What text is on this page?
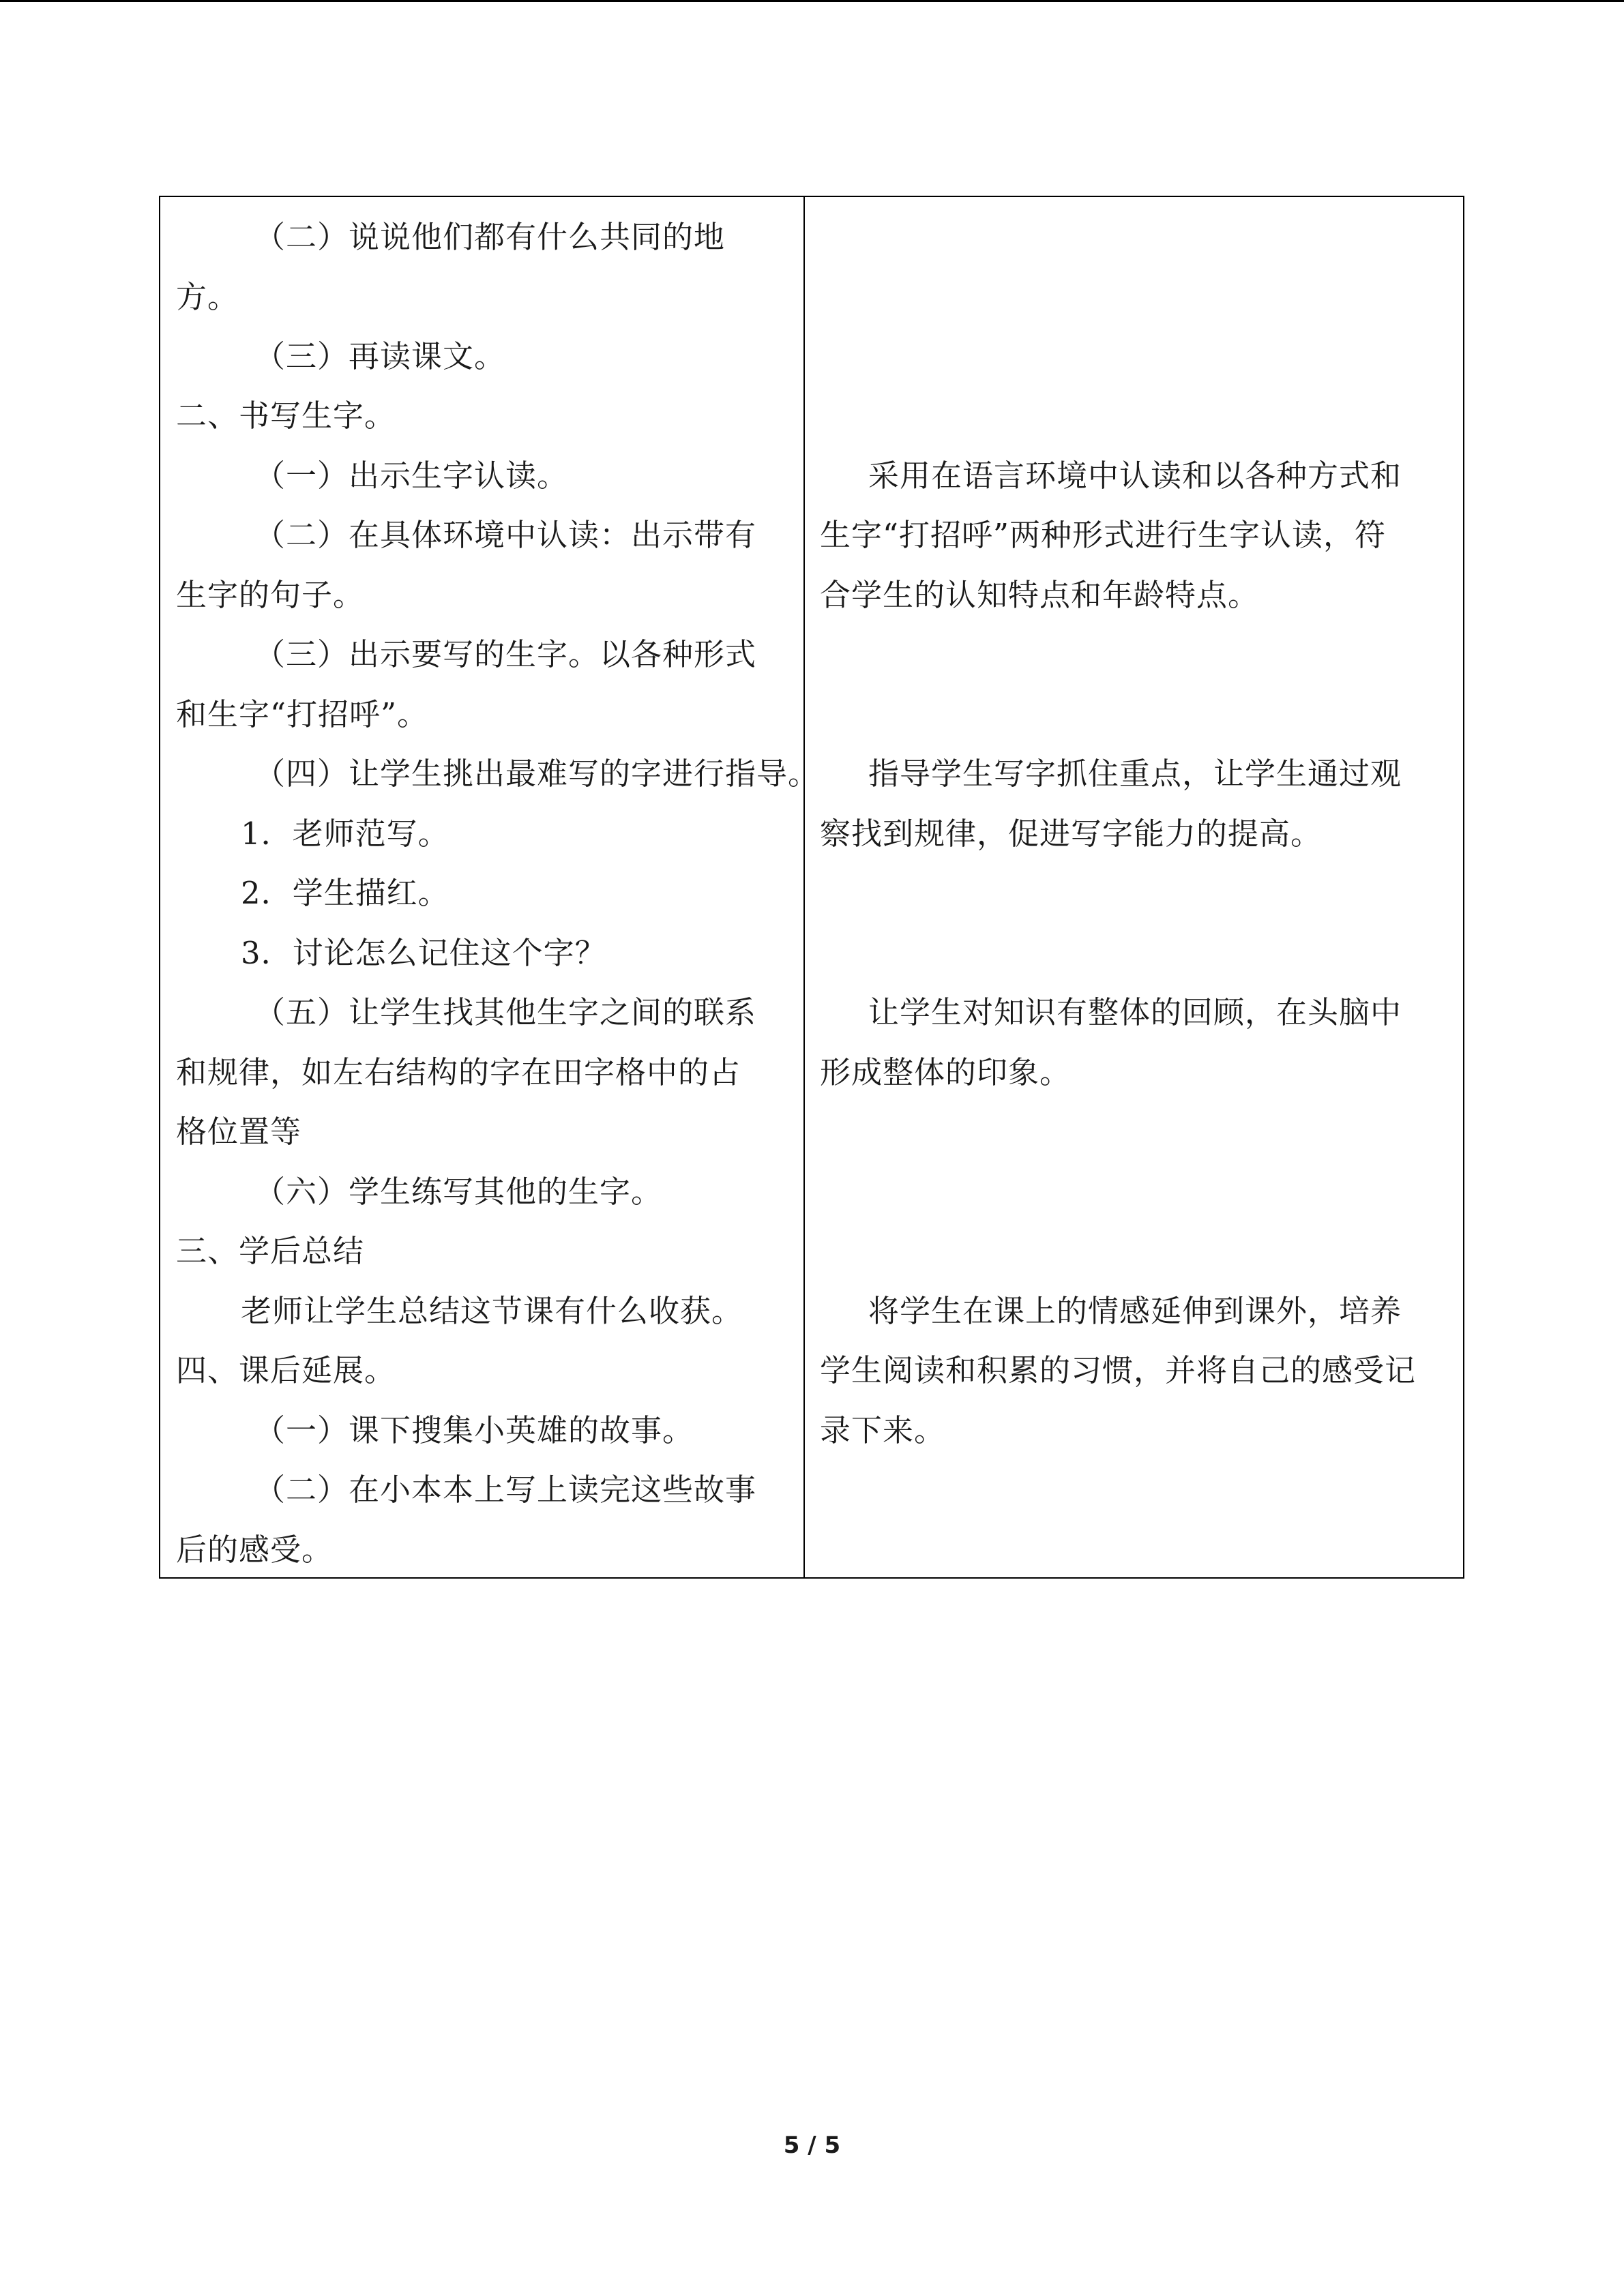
（二）说说他们都有什么共同的地
方。
（三）再读课文。
二、书写生字。
（一）出示生字认读。
（二）在具体环境中认读：出示带有
生字的句子。
（三）出示要写的生字。以各种形式
和生字“打招呼”。
（四）让学生挑出最难写的字进行指导。
1．老师范写。
2．学生描红。
3．讨论怎么记住这个字？
（五）让学生找其他生字之间的联系
和规律，如左右结构的字在田字格中的占
格位置等
（六）学生练写其他的生字。
三、学后总结
老师让学生总结这节课有什么收获。
四、课后延展。
（一）课下搜集小英雄的故事。
（二）在小本本上写上读完这些故事
后的感受。
采用在语言环境中认读和以各种方式和
生字“打招呼”两种形式进行生字认读，符
合学生的认知特点和年龄特点。
指导学生写字抓住重点，让学生通过观
察找到规律，促进写字能力的提高。
让学生对知识有整体的回顾，在头脑中
形成整体的印象。
将学生在课上的情感延伸到课外，培养
学生阅读和积累的习惯，并将自己的感受记
录下来。
5 / 5
